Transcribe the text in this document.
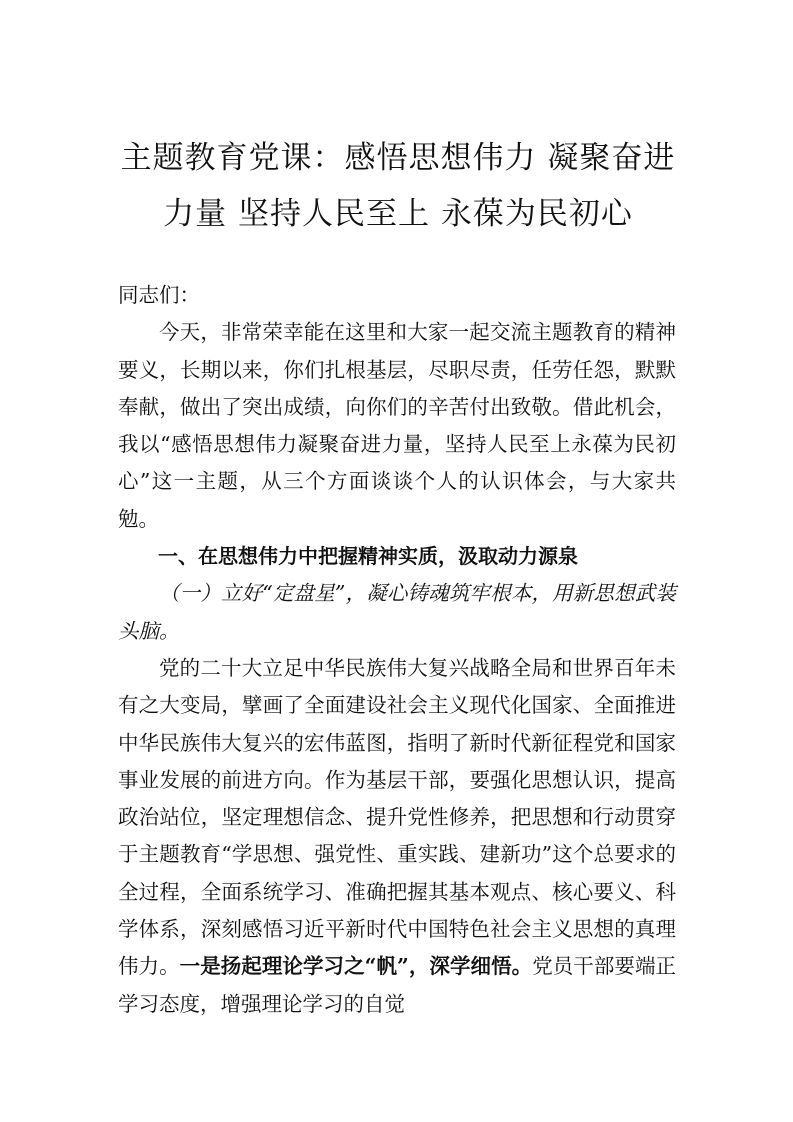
主题教育党课：感悟思想伟力 凝聚奋进力量 坚持人民至上 永葆为民初心

同志们：

今天，非常荣幸能在这里和大家一起交流主题教育的精神要义，长期以来，你们扎根基层，尽职尽责，任劳任怨，默默奉献，做出了突出成绩，向你们的辛苦付出致敬。借此机会，我以“感悟思想伟力凝聚奋进力量，坚持人民至上永葆为民初心”这一主题，从三个方面谈谈个人的认识体会，与大家共勉。

一、在思想伟力中把握精神实质，汲取动力源泉

（一）立好“定盘星”，凝心铸魂筑牢根本，用新思想武装头脑。

党的二十大立足中华民族伟大复兴战略全局和世界百年未有之大变局，擘画了全面建设社会主义现代化国家、全面推进中华民族伟大复兴的宏伟蓝图，指明了新时代新征程党和国家事业发展的前进方向。作为基层干部，要强化思想认识，提高政治站位，坚定理想信念、提升党性修养，把思想和行动贯穿于主题教育“学思想、强党性、重实践、建新功”这个总要求的全过程，全面系统学习、准确把握其基本观点、核心要义、科学体系，深刻感悟习近平新时代中国特色社会主义思想的真理伟力。一是扬起理论学习之“帆”，深学细悟。党员干部要端正学习态度，增强理论学习的自觉
